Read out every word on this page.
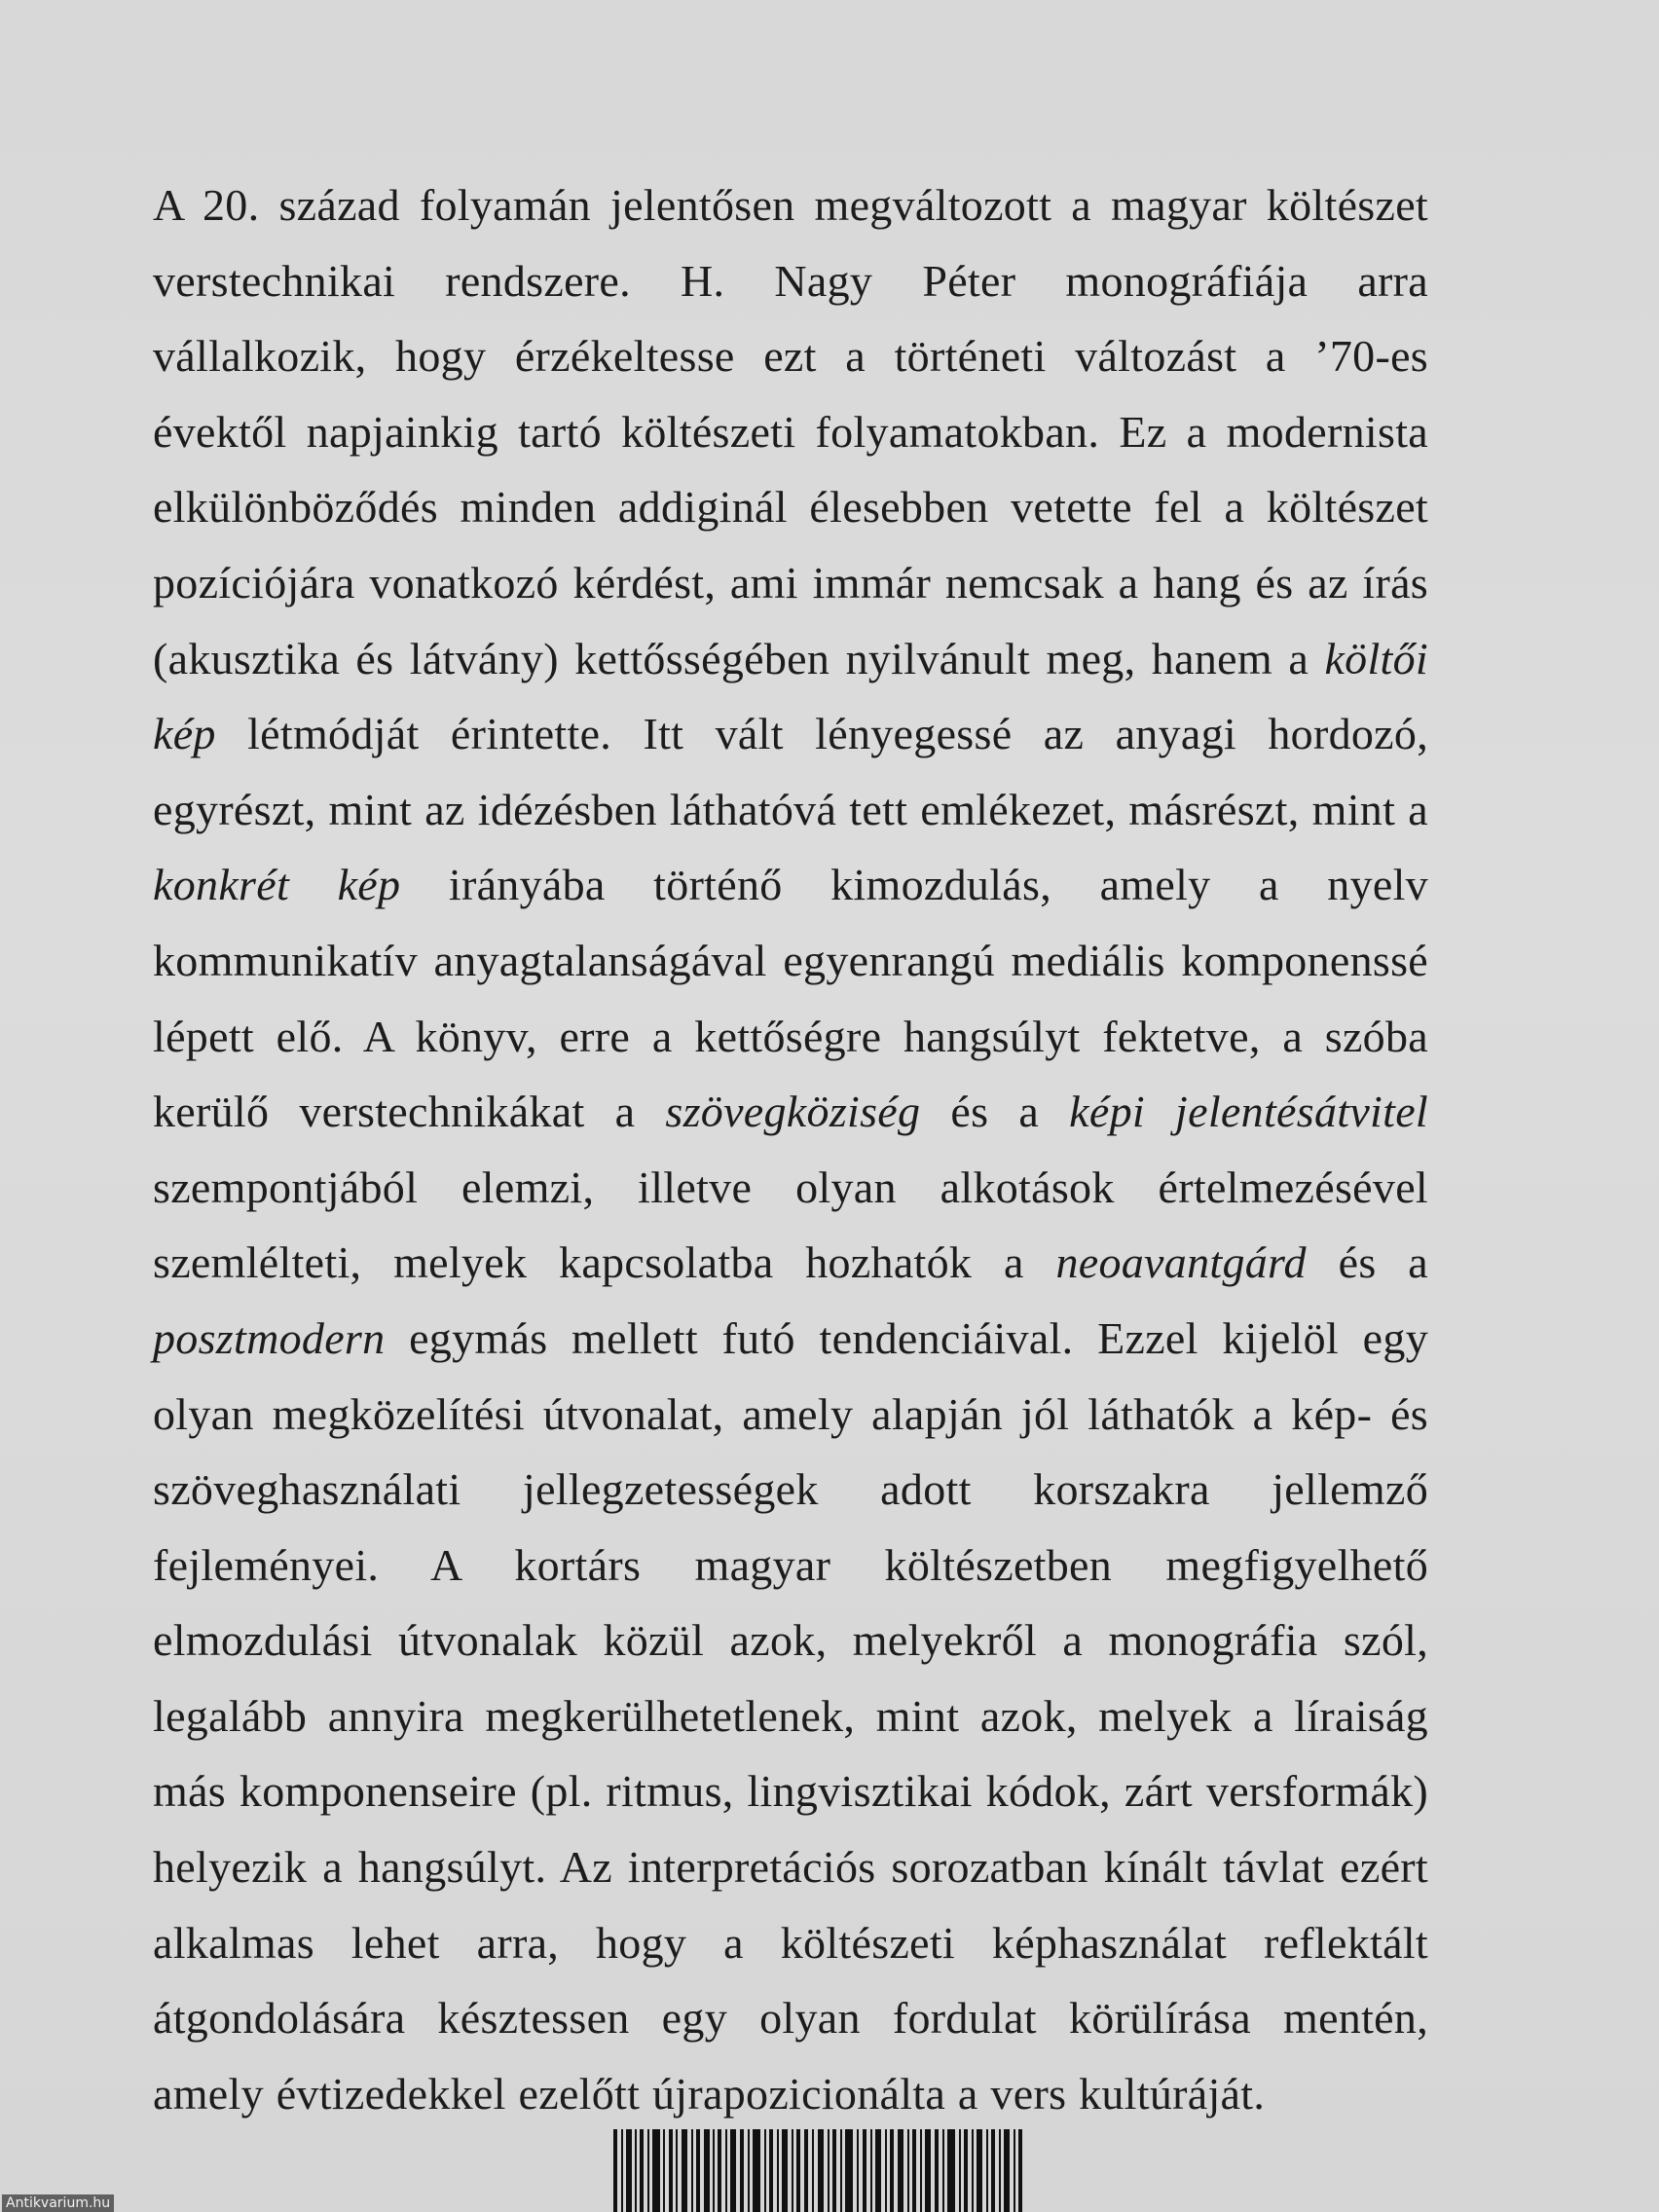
A 20. század folyamán jelentősen megváltozott a magyar költészet verstechnikai rendszere. H. Nagy Péter monográfiája arra vállalkozik, hogy érzékeltesse ezt a történeti változást a ’70-es évektől napjainkig tartó költészeti folyamatokban. Ez a modernista elkülönböződés minden addiginál élesebben vetette fel a költészet pozíciójára vonatkozó kérdést, ami immár nemcsak a hang és az írás (akusztika és látvány) kettősségében nyilvánult meg, hanem a költői kép létmódját érintette. Itt vált lényegessé az anyagi hordozó, egyrészt, mint az idézésben láthatóvá tett emlékezet, másrészt, mint a konkrét kép irányába történő kimozdulás, amely a nyelv kommunikatív anyagtalanságával egyenrangú mediális komponenssé lépett elő. A könyv, erre a kettőségre hangsúlyt fektetve, a szóba kerülő verstechnikákat a szövegköziség és a képi jelentésátvitel szempontjából elemzi, illetve olyan alkotások értelmezésével szemlélteti, melyek kapcsolatba hozhatók a neoavantgárd és a posztmodern egymás mellett futó tendenciáival. Ezzel kijelöl egy olyan megközelítési útvonalat, amely alapján jól láthatók a kép- és szöveghasználati jellegzetességek adott korszakra jellemző fejleményei. A kortárs magyar költészetben megfigyelhető elmozdulási útvonalak közül azok, melyekről a monográfia szól, legalább annyira megkerülhetetlenek, mint azok, melyek a líraiság más komponenseire (pl. ritmus, lingvisztikai kódok, zárt versformák) helyezik a hangsúlyt. Az interpretációs sorozatban kínált távlat ezért alkalmas lehet arra, hogy a költészeti képhasználat reflektált átgondolására késztessen egy olyan fordulat körülírása mentén, amely évtizedekkel ezelőtt újrapozicionálta a vers kultúráját.

Antikvarium.hu
